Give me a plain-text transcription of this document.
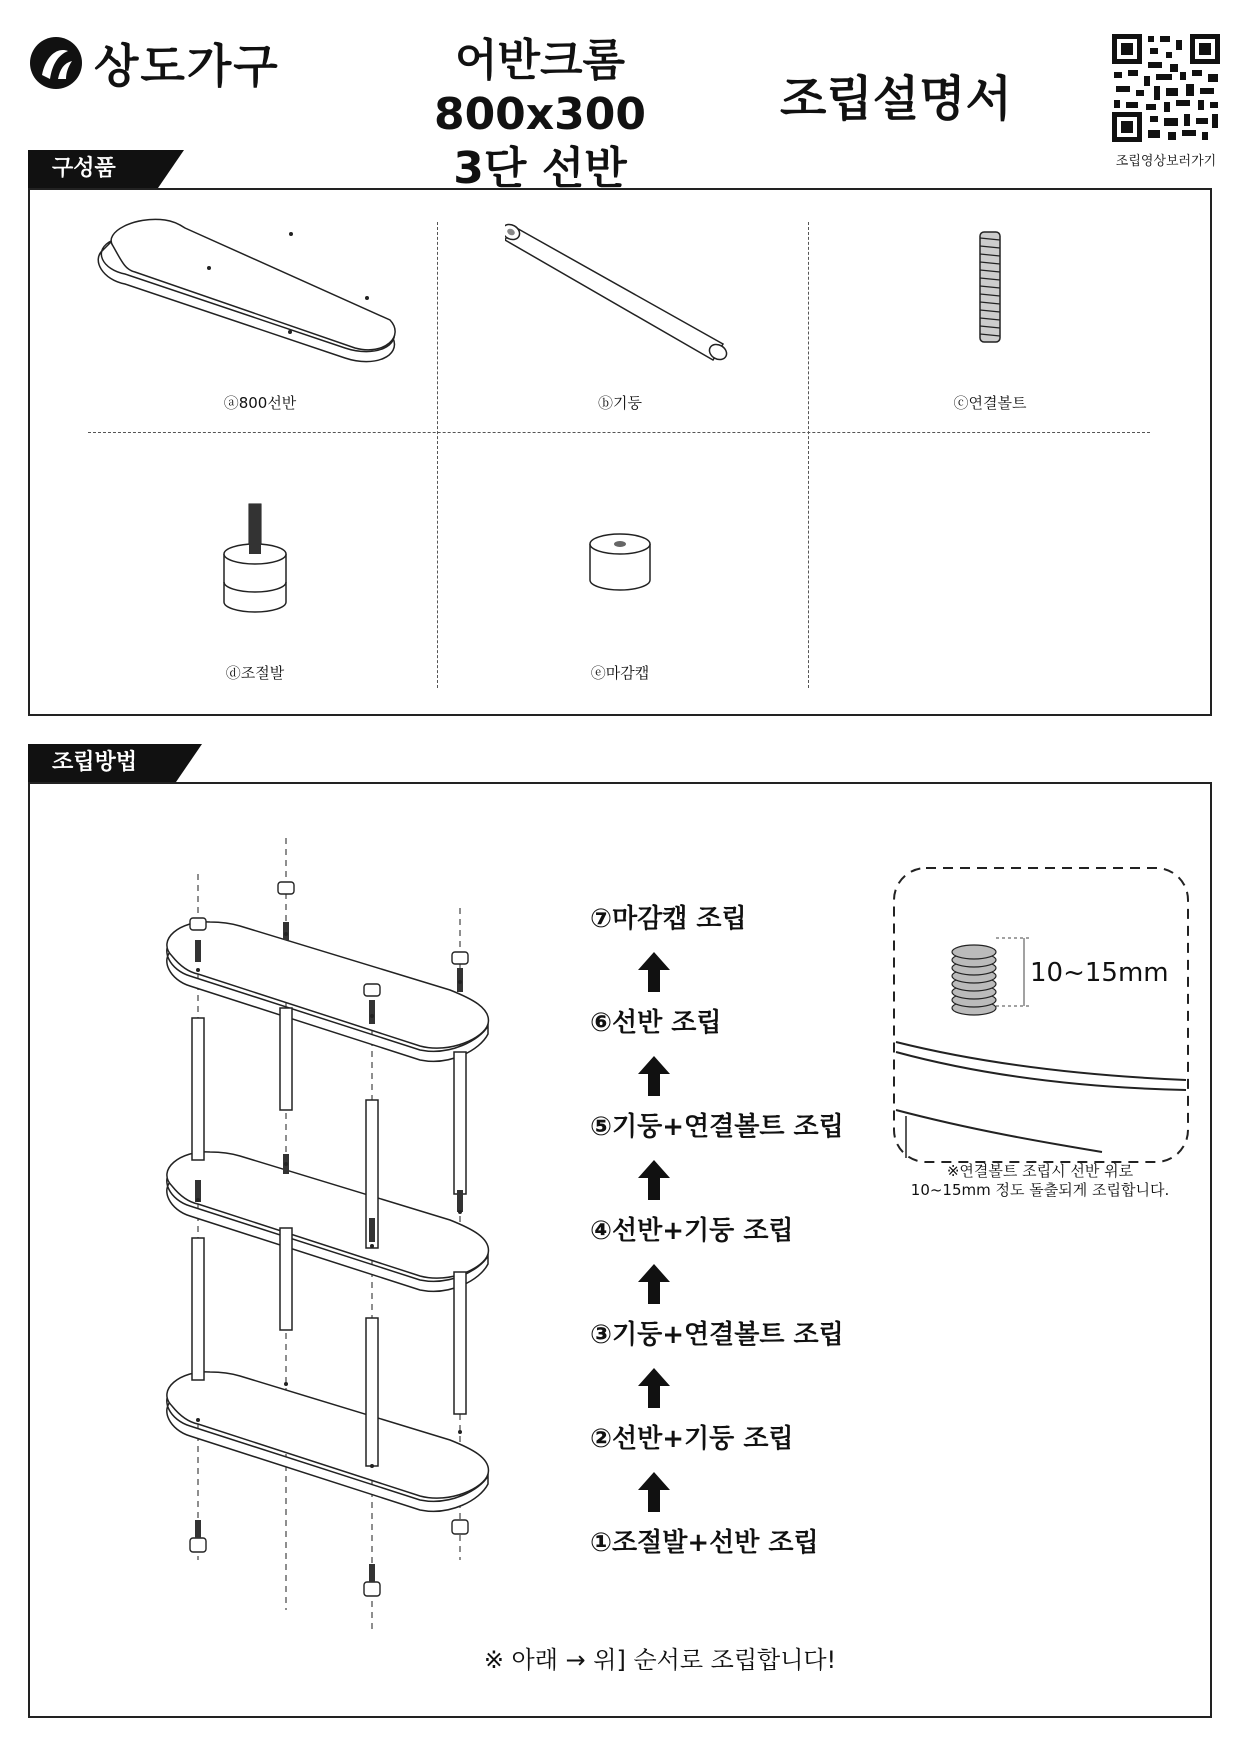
상도가구	어반크롬 800x300
3단 선반
조립설명서
조립영상보러가기
구성품
ⓐ800선반	ⓑ기둥	ⓒ연결볼트
ⓓ조절발	ⓔ마감캡
조립방법
⑦마감캡 조립
⑥선반 조립
⑤기둥+연결볼트 조립
④선반+기둥 조립
③기둥+연결볼트 조립
②선반+기둥 조립
①조절발+선반 조립
10~15mm
※연결볼트 조립시 선반 위로
10~15mm 정도 돌출되게 조립합니다.
※ 아래 → 위] 순서로 조립합니다!
